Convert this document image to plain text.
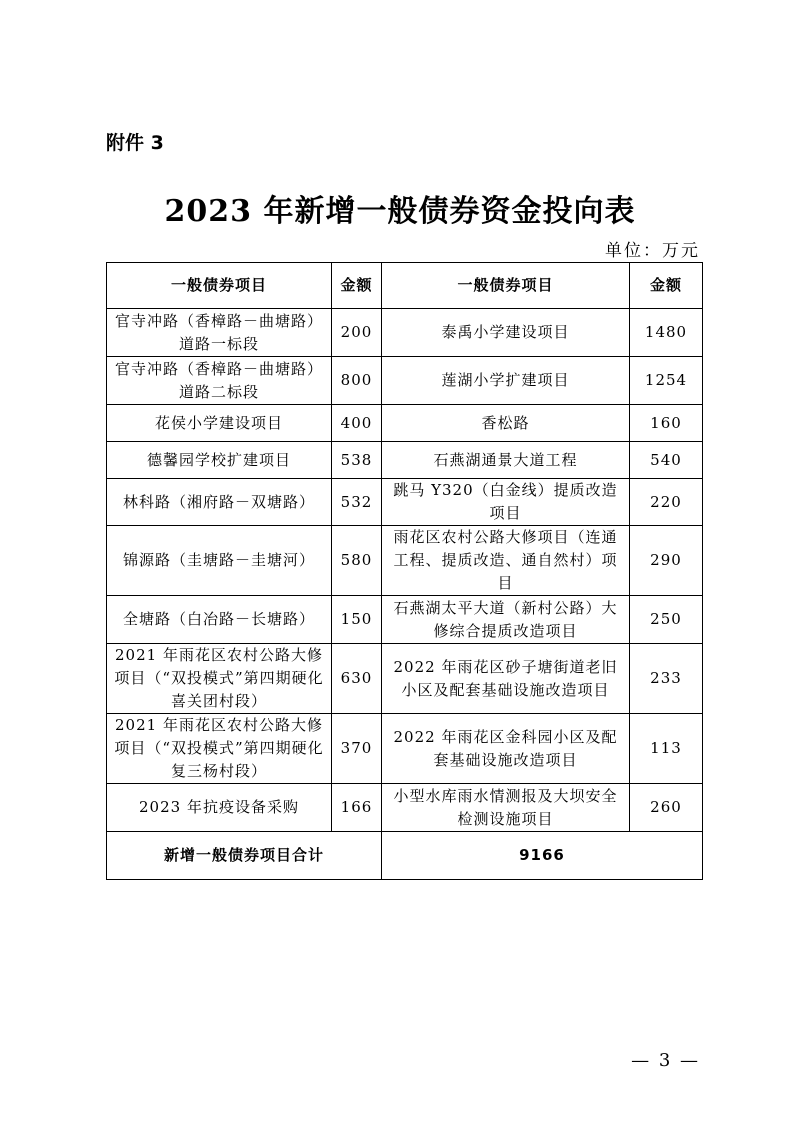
附件 3
2023 年新增一般债券资金投向表
单位：万元
一般债券项目	金额	一般债券项目	金额
官寺冲路（香樟路－曲塘路）道路一标段	200	泰禹小学建设项目	1480
官寺冲路（香樟路－曲塘路）道路二标段	800	莲湖小学扩建项目	1254
花侯小学建设项目	400	香松路	160
德馨园学校扩建项目	538	石燕湖通景大道工程	540
林科路（湘府路－双塘路）	532	跳马 Y320（白金线）提质改造项目	220
锦源路（圭塘路－圭塘河）	580	雨花区农村公路大修项目（连通工程、提质改造、通自然村）项目	290
全塘路（白冶路－长塘路）	150	石燕湖太平大道（新村公路）大修综合提质改造项目	250
2021 年雨花区农村公路大修项目（“双投模式”第四期硬化喜关团村段）	630	2022 年雨花区砂子塘街道老旧小区及配套基础设施改造项目	233
2021 年雨花区农村公路大修项目（“双投模式”第四期硬化复三杨村段）	370	2022 年雨花区金科园小区及配套基础设施改造项目	113
2023 年抗疫设备采购	166	小型水库雨水情测报及大坝安全检测设施项目	260
新增一般债券项目合计		9166	
— 3 —
